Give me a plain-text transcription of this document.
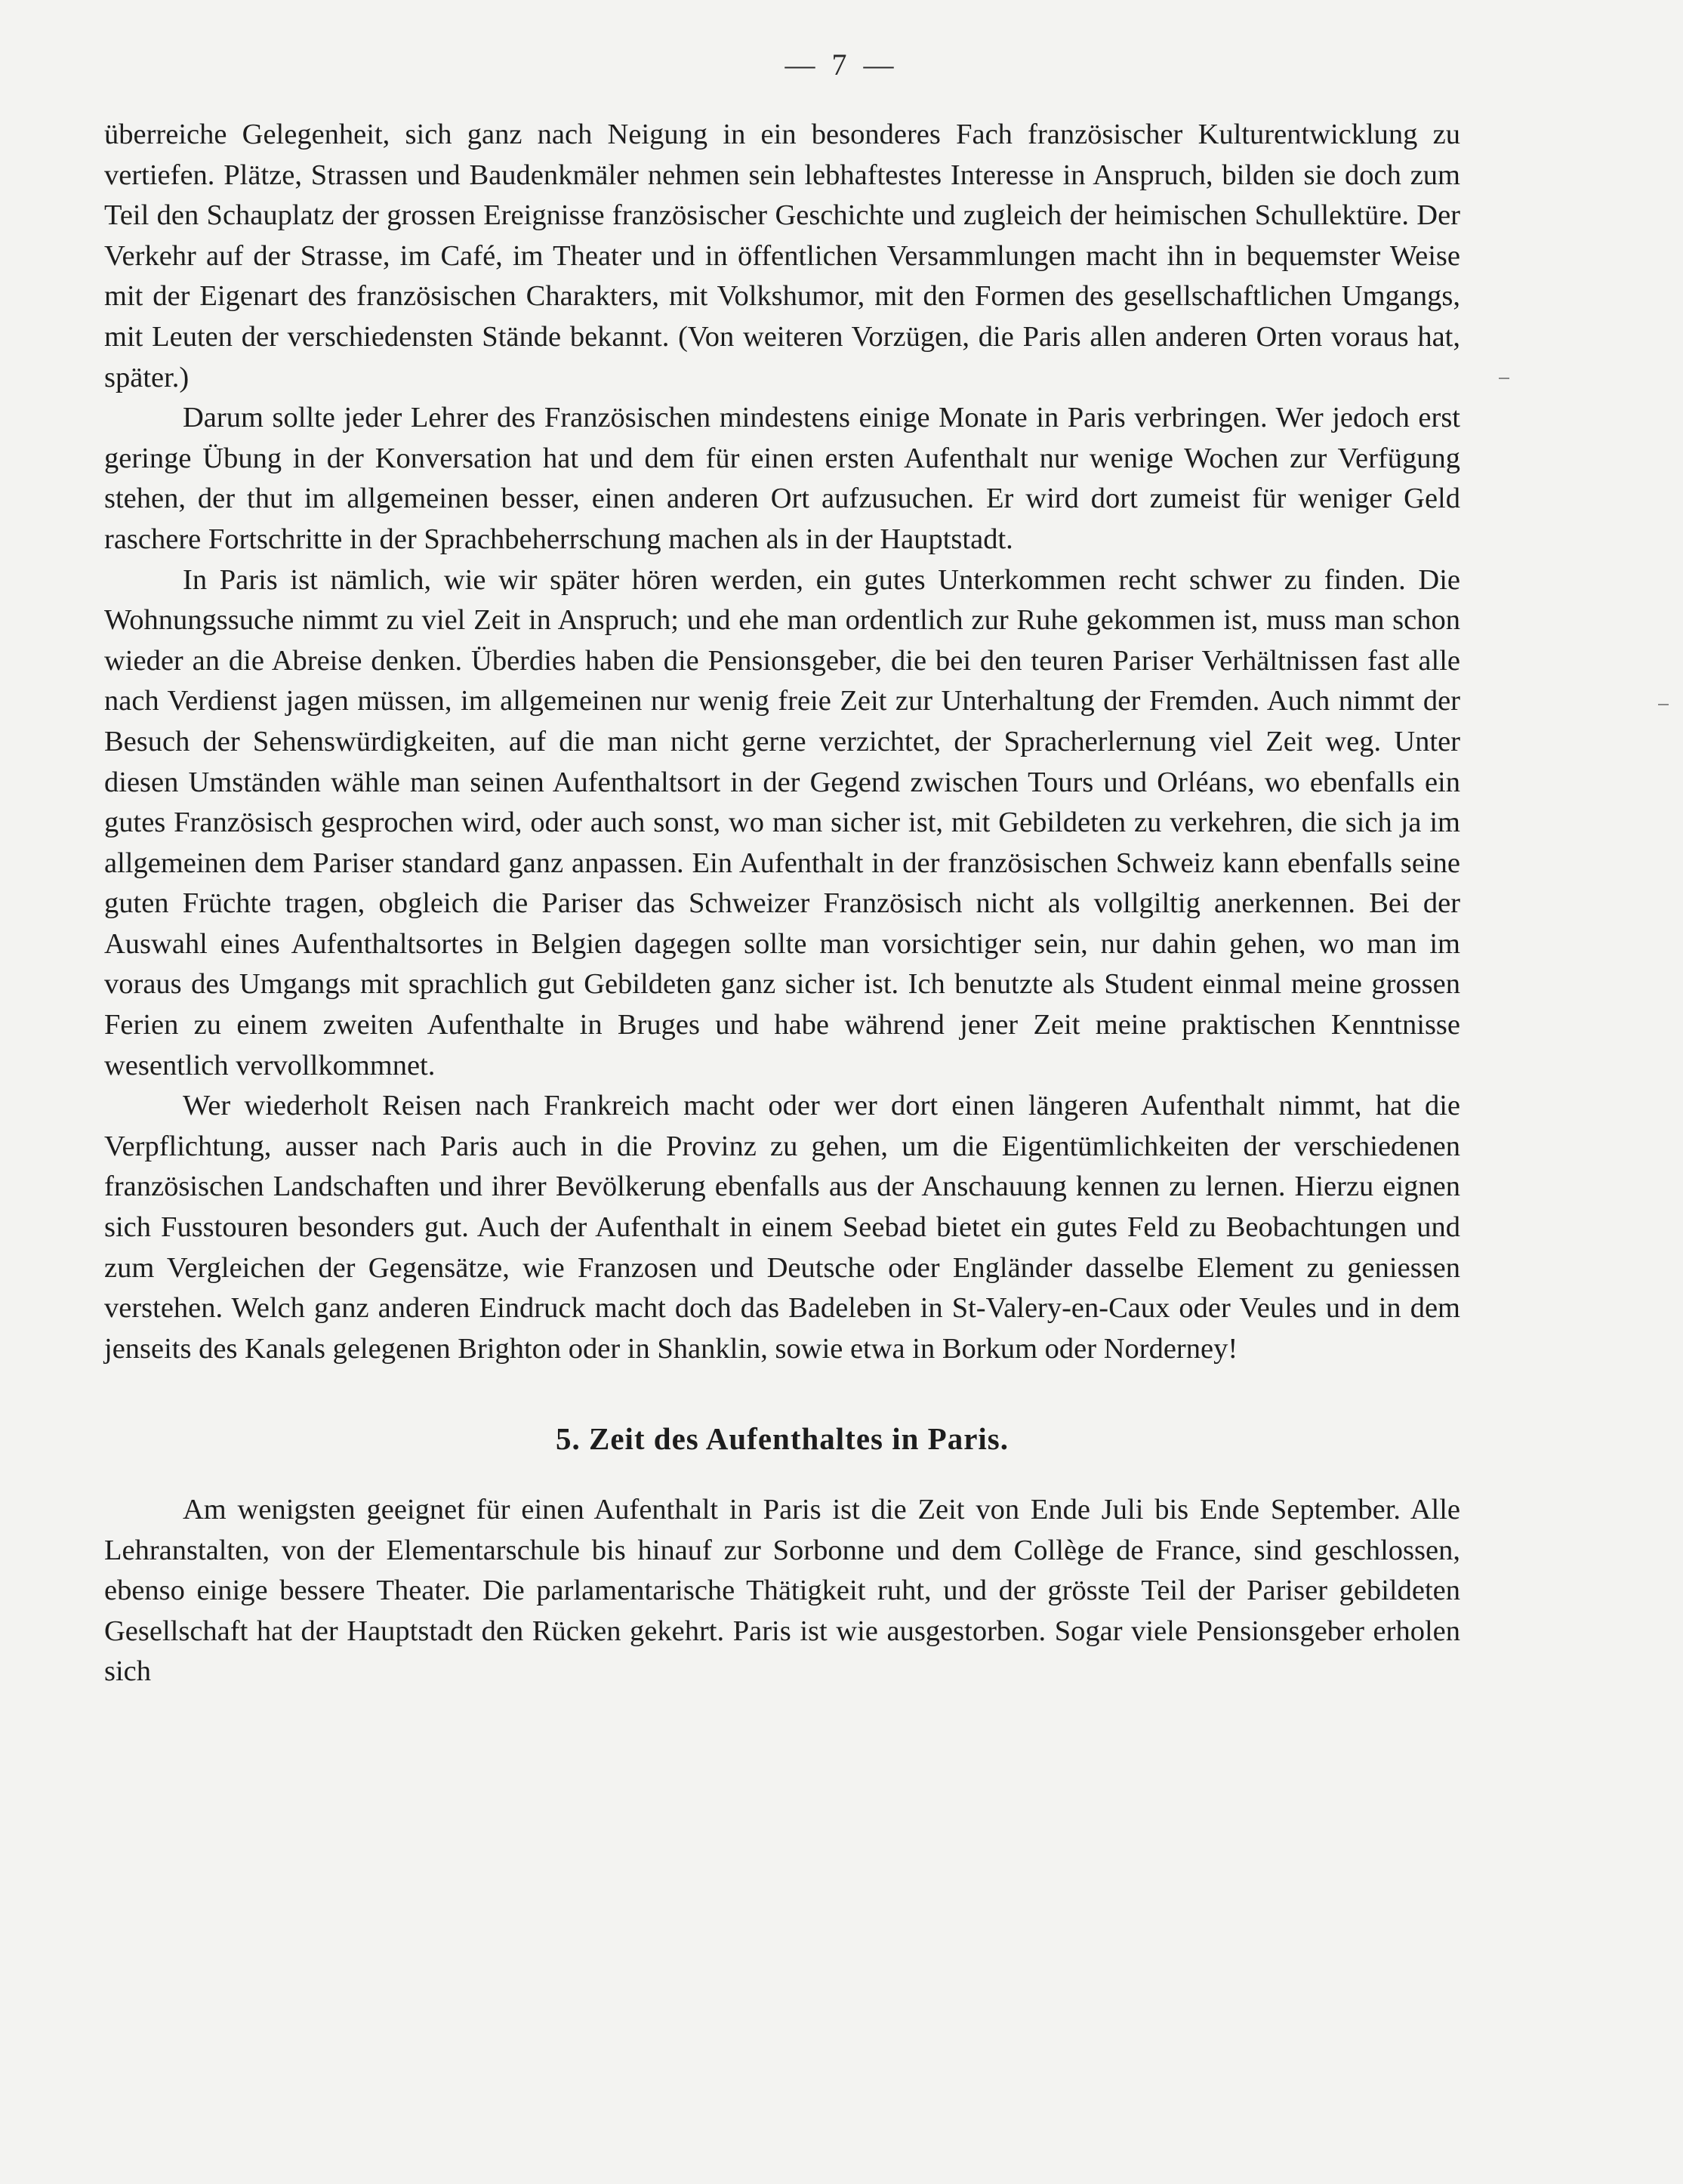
— 7 —

überreiche Gelegenheit, sich ganz nach Neigung in ein besonderes Fach französischer Kulturentwicklung zu vertiefen. Plätze, Strassen und Baudenkmäler nehmen sein lebhaftestes Interesse in Anspruch, bilden sie doch zum Teil den Schauplatz der grossen Ereignisse französischer Geschichte und zugleich der heimischen Schullektüre. Der Verkehr auf der Strasse, im Café, im Theater und in öffentlichen Versammlungen macht ihn in bequemster Weise mit der Eigenart des französischen Charakters, mit Volkshumor, mit den Formen des gesellschaftlichen Umgangs, mit Leuten der verschiedensten Stände bekannt. (Von weiteren Vorzügen, die Paris allen anderen Orten voraus hat, später.)

Darum sollte jeder Lehrer des Französischen mindestens einige Monate in Paris verbringen. Wer jedoch erst geringe Übung in der Konversation hat und dem für einen ersten Aufenthalt nur wenige Wochen zur Verfügung stehen, der thut im allgemeinen besser, einen anderen Ort aufzusuchen. Er wird dort zumeist für weniger Geld raschere Fortschritte in der Sprachbeherrschung machen als in der Hauptstadt.

In Paris ist nämlich, wie wir später hören werden, ein gutes Unterkommen recht schwer zu finden. Die Wohnungssuche nimmt zu viel Zeit in Anspruch; und ehe man ordentlich zur Ruhe gekommen ist, muss man schon wieder an die Abreise denken. Überdies haben die Pensionsgeber, die bei den teuren Pariser Verhältnissen fast alle nach Verdienst jagen müssen, im allgemeinen nur wenig freie Zeit zur Unterhaltung der Fremden. Auch nimmt der Besuch der Sehenswürdigkeiten, auf die man nicht gerne verzichtet, der Spracherlernung viel Zeit weg. Unter diesen Umständen wähle man seinen Aufenthaltsort in der Gegend zwischen Tours und Orléans, wo ebenfalls ein gutes Französisch gesprochen wird, oder auch sonst, wo man sicher ist, mit Gebildeten zu verkehren, die sich ja im allgemeinen dem Pariser standard ganz anpassen. Ein Aufenthalt in der französischen Schweiz kann ebenfalls seine guten Früchte tragen, obgleich die Pariser das Schweizer Französisch nicht als vollgiltig anerkennen. Bei der Auswahl eines Aufenthaltsortes in Belgien dagegen sollte man vorsichtiger sein, nur dahin gehen, wo man im voraus des Umgangs mit sprachlich gut Gebildeten ganz sicher ist. Ich benutzte als Student einmal meine grossen Ferien zu einem zweiten Aufenthalte in Bruges und habe während jener Zeit meine praktischen Kenntnisse wesentlich vervollkommnet.

Wer wiederholt Reisen nach Frankreich macht oder wer dort einen längeren Aufenthalt nimmt, hat die Verpflichtung, ausser nach Paris auch in die Provinz zu gehen, um die Eigentümlichkeiten der verschiedenen französischen Landschaften und ihrer Bevölkerung ebenfalls aus der Anschauung kennen zu lernen. Hierzu eignen sich Fusstouren besonders gut. Auch der Aufenthalt in einem Seebad bietet ein gutes Feld zu Beobachtungen und zum Vergleichen der Gegensätze, wie Franzosen und Deutsche oder Engländer dasselbe Element zu geniessen verstehen. Welch ganz anderen Eindruck macht doch das Badeleben in St-Valery-en-Caux oder Veules und in dem jenseits des Kanals gelegenen Brighton oder in Shanklin, sowie etwa in Borkum oder Norderney!

5. Zeit des Aufenthaltes in Paris.

Am wenigsten geeignet für einen Aufenthalt in Paris ist die Zeit von Ende Juli bis Ende September. Alle Lehranstalten, von der Elementarschule bis hinauf zur Sorbonne und dem Collège de France, sind geschlossen, ebenso einige bessere Theater. Die parlamentarische Thätigkeit ruht, und der grösste Teil der Pariser gebildeten Gesellschaft hat der Hauptstadt den Rücken gekehrt. Paris ist wie ausgestorben. Sogar viele Pensionsgeber erholen sich
